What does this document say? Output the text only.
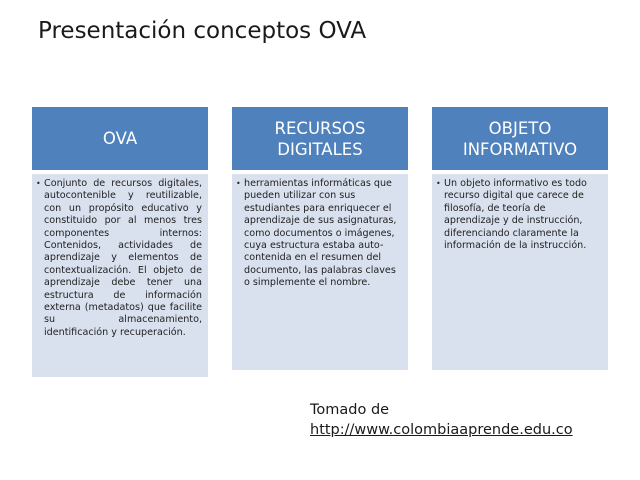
Presentación conceptos OVA
OVA
• Conjunto de recursos digitales, autocontenible y reutilizable, con un propósito educativo y constituido por al menos tres componentes internos: Contenidos, actividades de aprendizaje y elementos de contextualización. El objeto de aprendizaje debe tener una estructura de información externa (metadatos) que facilite su almacenamiento, identificación y recuperación.
RECURSOS
DIGITALES
• herramientas informáticas que pueden utilizar con sus estudiantes para enriquecer el aprendizaje de sus asignaturas, como documentos o imágenes, cuya estructura estaba auto-contenida en el resumen del documento, las palabras claves o simplemente el nombre.
OBJETO
INFORMATIVO
• Un objeto informativo es todo recurso digital que carece de filosofía, de teoría de aprendizaje y de instrucción, diferenciando claramente la información de la instrucción.
Tomado de
http://www.colombiaaprende.edu.co
